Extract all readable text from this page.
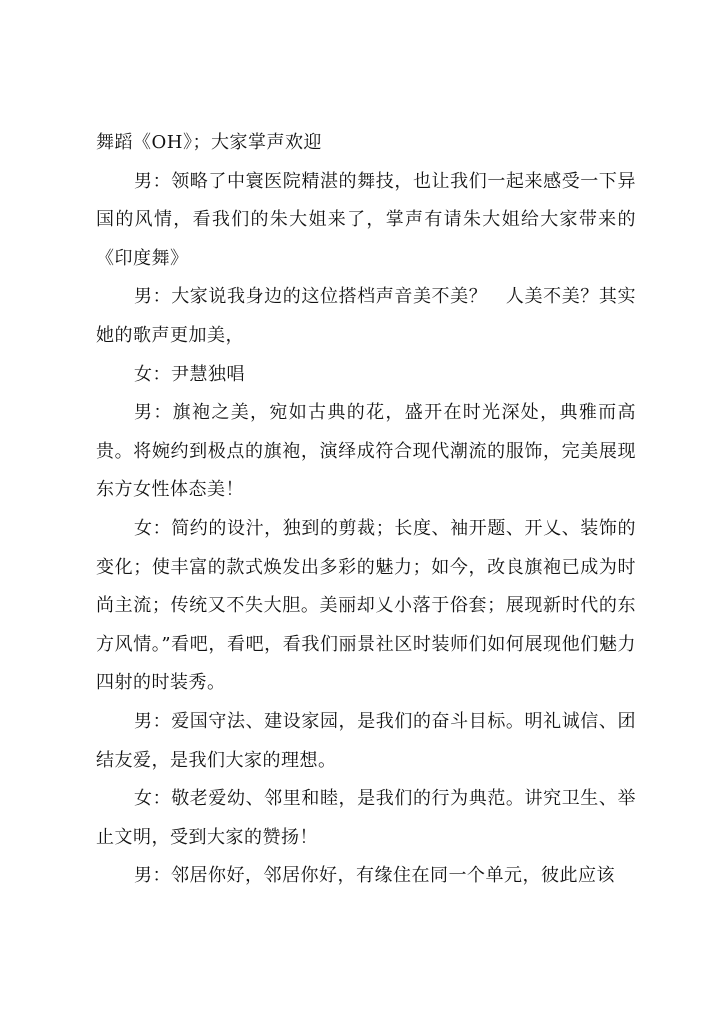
舞蹈《OH》；大家掌声欢迎

男：领略了中寰医院精湛的舞技，也让我们一起来感受一下异国的风情，看我们的朱大姐来了，掌声有请朱大姐给大家带来的《印度舞》

男：大家说我身边的这位搭档声音美不美？　人美不美？其实她的歌声更加美，

女：尹慧独唱

男：旗袍之美，宛如古典的花，盛开在时光深处，典雅而高贵。将婉约到极点的旗袍，演绎成符合现代潮流的服饰，完美展现东方女性体态美！

女：简约的设汁，独到的剪裁；长度、袖开题、开乂、装饰的变化；使丰富的款式焕发出多彩的魅力；如今，改良旗袍已成为时尚主流；传统又不失大胆。美丽却乂小落于俗套；展现新时代的东方风情。”看吧，看吧，看我们丽景社区时装师们如何展现他们魅力四射的时装秀。

男：爱国守法、建设家园，是我们的奋斗目标。明礼诚信、团结友爱，是我们大家的理想。

女：敬老爱幼、邻里和睦，是我们的行为典范。讲究卫生、举止文明，受到大家的赞扬！

男：邻居你好，邻居你好，有缘住在同一个单元，彼此应该
